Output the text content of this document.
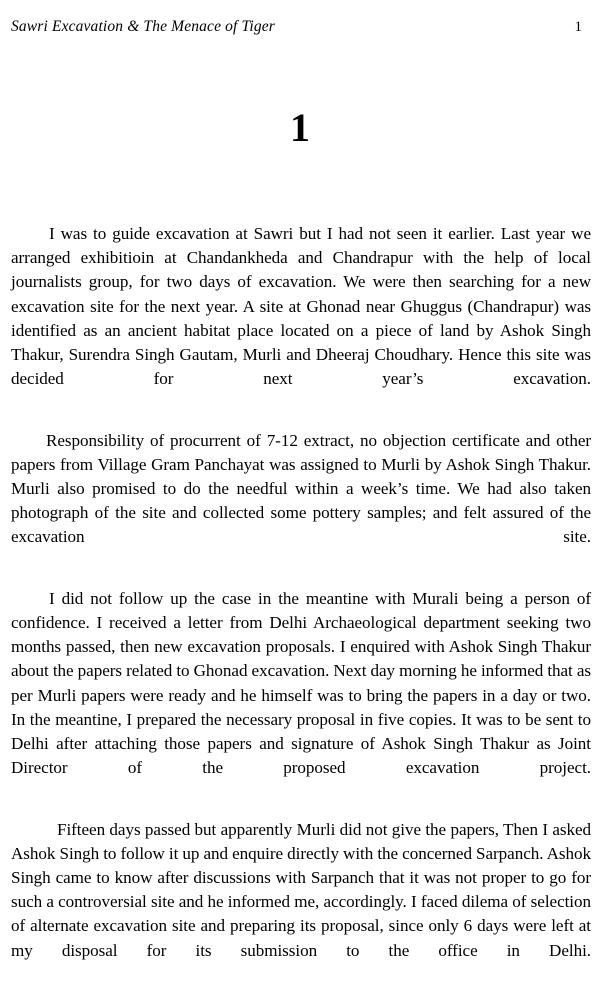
Sawri Excavation & The Menace of Tiger	1
1

I was to guide excavation at Sawri but I had not seen it earlier. Last year we arranged exhibitioin at Chandankheda and Chandrapur with the help of local journalists group, for two days of excavation. We were then searching for a new excavation site for the next year. A site at Ghonad near Ghuggus (Chandrapur) was identified as an ancient habitat place located on a piece of land by Ashok Singh Thakur, Surendra Singh Gautam, Murli and Dheeraj Choudhary. Hence this site was decided for next year’s excavation.

Responsibility of procurrent of 7-12 extract, no objection certificate and other papers from Village Gram Panchayat was assigned to Murli by Ashok Singh Thakur. Murli also promised to do the needful within a week’s time. We had also taken photograph of the site and collected some pottery samples; and felt assured of the excavation site.

I did not follow up the case in the meantine with Murali being a person of confidence. I received a letter from Delhi Archaeological department seeking two months passed, then new excavation proposals. I enquired with Ashok Singh Thakur about the papers related to Ghonad excavation. Next day morning he informed that as per Murli papers were ready and he himself was to bring the papers in a day or two. In the meantine, I prepared the necessary proposal in five copies. It was to be sent to Delhi after attaching those papers and signature of Ashok Singh Thakur as Joint Director of the proposed excavation project.

Fifteen days passed but apparently Murli did not give the papers, Then I asked Ashok Singh to follow it up and enquire directly with the concerned Sarpanch. Ashok Singh came to know after discussions with Sarpanch that it was not proper to go for such a controversial site and he informed me, accordingly. I faced dilema of selection of alternate excavation site and preparing its proposal, since only 6 days were left at my disposal for its submission to the office in Delhi.
